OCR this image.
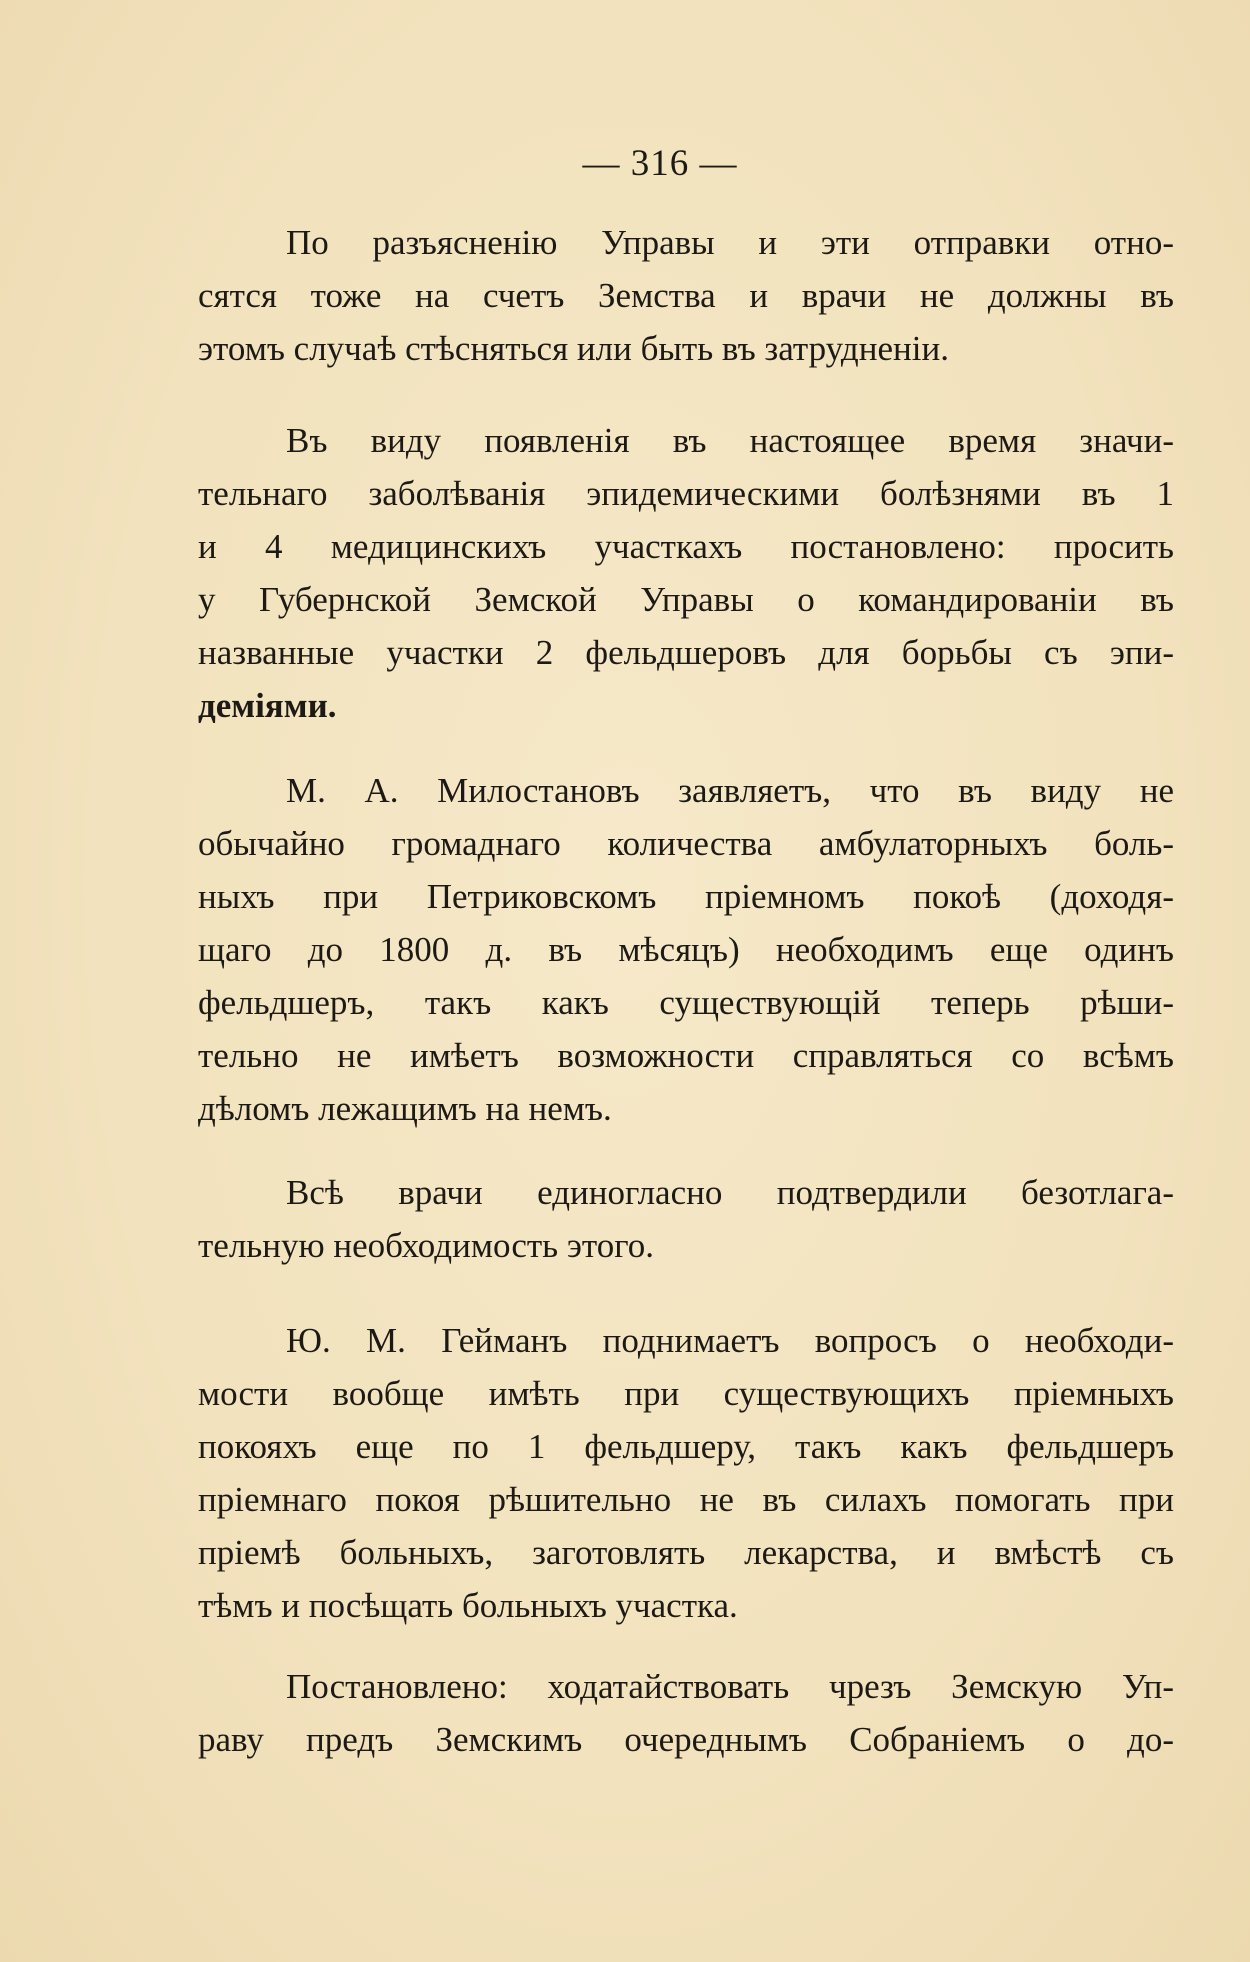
— 316 —
По разъясненію Управы и эти отправки отно-
сятся тоже на счетъ Земства и врачи не должны въ
этомъ случаѣ стѣсняться или быть въ затрудненіи.
Въ виду появленія въ настоящее время значи-
тельнаго заболѣванія эпидемическими болѣзнями въ 1
и 4 медицинскихъ участкахъ постановлено: просить
у Губернской Земской Управы о командированіи въ
названные участки 2 фельдшеровъ для борьбы съ эпи-
деміями.
М. А. Милостановъ заявляетъ, что въ виду не
обычайно громаднаго количества амбулаторныхъ боль-
ныхъ при Петриковскомъ пріемномъ покоѣ (доходя-
щаго до 1800 д. въ мѣсяцъ) необходимъ еще одинъ
фельдшеръ, такъ какъ существующій теперь рѣши-
тельно не имѣетъ возможности справляться со всѣмъ
дѣломъ лежащимъ на немъ.
Всѣ врачи единогласно подтвердили безотлага-
тельную необходимость этого.
Ю. М. Гейманъ поднимаетъ вопросъ о необходи-
мости вообще имѣть при существующихъ пріемныхъ
покояхъ еще по 1 фельдшеру, такъ какъ фельдшеръ
пріемнаго покоя рѣшительно не въ силахъ помогать при
пріемѣ больныхъ, заготовлять лекарства, и вмѣстѣ съ
тѣмъ и посѣщать больныхъ участка.
Постановлено: ходатайствовать чрезъ Земскую Уп-
раву предъ Земскимъ очереднымъ Собраніемъ о до-
